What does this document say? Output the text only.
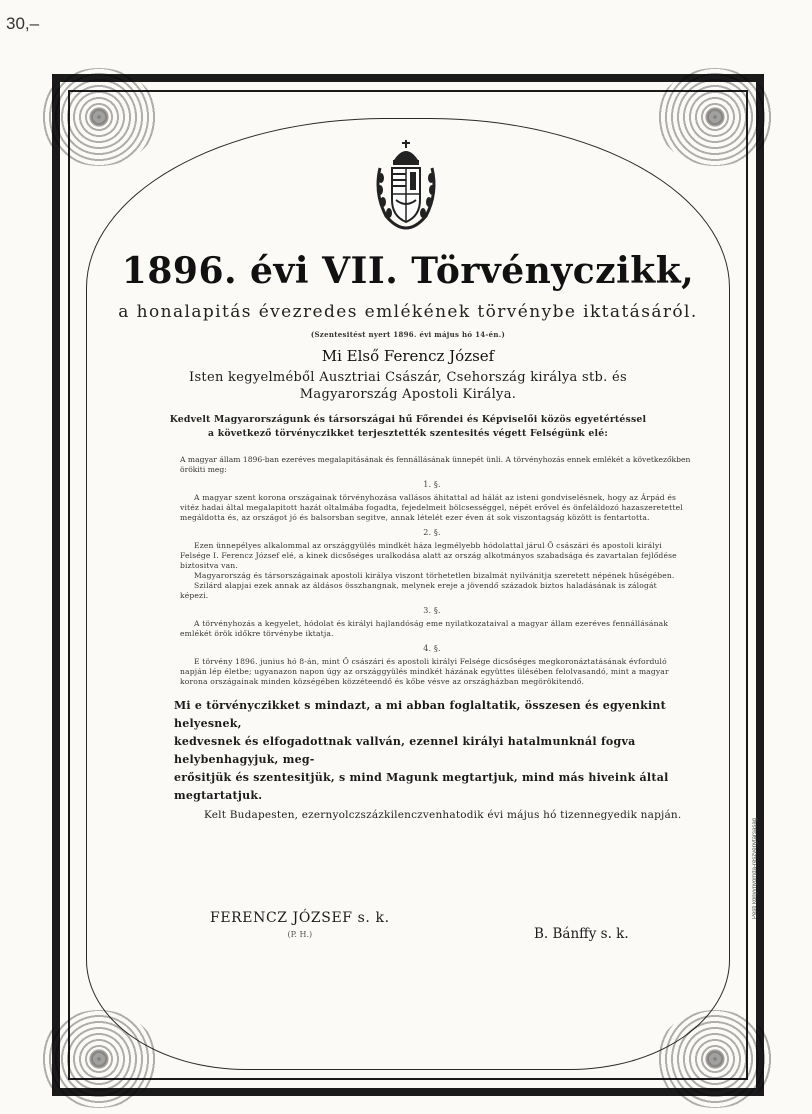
30,–
Pesti könyvnyomda-részvénytársaság
1896. évi VII. Törvényczikk,
a honalapitás évezredes emlékének törvénybe iktatásáról.
(Szentesitést nyert 1896. évi május hó 14-én.)
Mi Első Ferencz József
Isten kegyelméből Ausztriai Császár, Csehország királya stb. és
Magyarország Apostoli Királya.
Kedvelt Magyarországunk és társországai hű Főrendei és Képviselői közös egyetértéssel
a következő törvényczikket terjesztették szentesités végett Felségünk elé:
A magyar állam 1896-ban ezeréves megalapitásának és fennállásának ünnepét ünli. A törvényhozás ennek emlékét a következőkben örökiti meg:
1. §.

A magyar szent korona országainak törvényhozása vallásos áhitattal ad hálát az isteni gondviselésnek, hogy az Árpád és vitéz hadai által megalapitott hazát oltalmába fogadta, fejedelmeit bölcsességgel, népét erővel és önfeláldozó hazaszeretettel megáldotta és, az országot jó és balsorsban segitve, annak lételét ezer éven át sok viszontagság között is fentartotta.

2. §.

Ezen ünnepélyes alkalommal az országgyülés mindkét háza legmélyebb hódolattal járul Ő császári és apostoli királyi Felsége I. Ferencz József elé, a kinek dicsőséges uralkodása alatt az ország alkotmányos szabadsága és zavartalan fejlődése biztositva van.

Magyarország és társországainak apostoli királya viszont törhetetlen bizalmát nyilvánitja szeretett népének hűségében.

Szilárd alapjai ezek annak az áldásos összhangnak, melynek ereje a jövendő századok biztos haladásának is zálogát képezi.

3. §.

A törvényhozás a kegyelet, hódolat és királyi hajlandóság eme nyilatkozataival a magyar állam ezeréves fennállásának emlékét örök időkre törvénybe iktatja.

4. §.

E törvény 1896. junius hó 8-án, mint Ő császári és apostoli királyi Felsége dicsőséges megkoronáztatásának évforduló napján lép életbe; ugyanazon napon úgy az országgyülés mindkét házának együttes ülésében felolvasandó, mint a magyar korona országainak minden községében közzéteendő és kőbe vésve az országházban megörökitendő.

Mi e törvényczikket s mindazt, a mi abban foglaltatik, összesen és egyenkint helyesnek,
kedvesnek és elfogadottnak vallván, ezennel királyi hatalmunknál fogva helybenhagyjuk, meg-
erősitjük és szentesitjük, s mind Magunk megtartjuk, mind más hiveink által megtartatjuk.
Kelt Budapesten, ezernyolczszázkilenczvenhatodik évi május hó tizennegyedik napján.
FERENCZ JÓZSEF s. k.
(P. H.)	B. Bánffy s. k.
